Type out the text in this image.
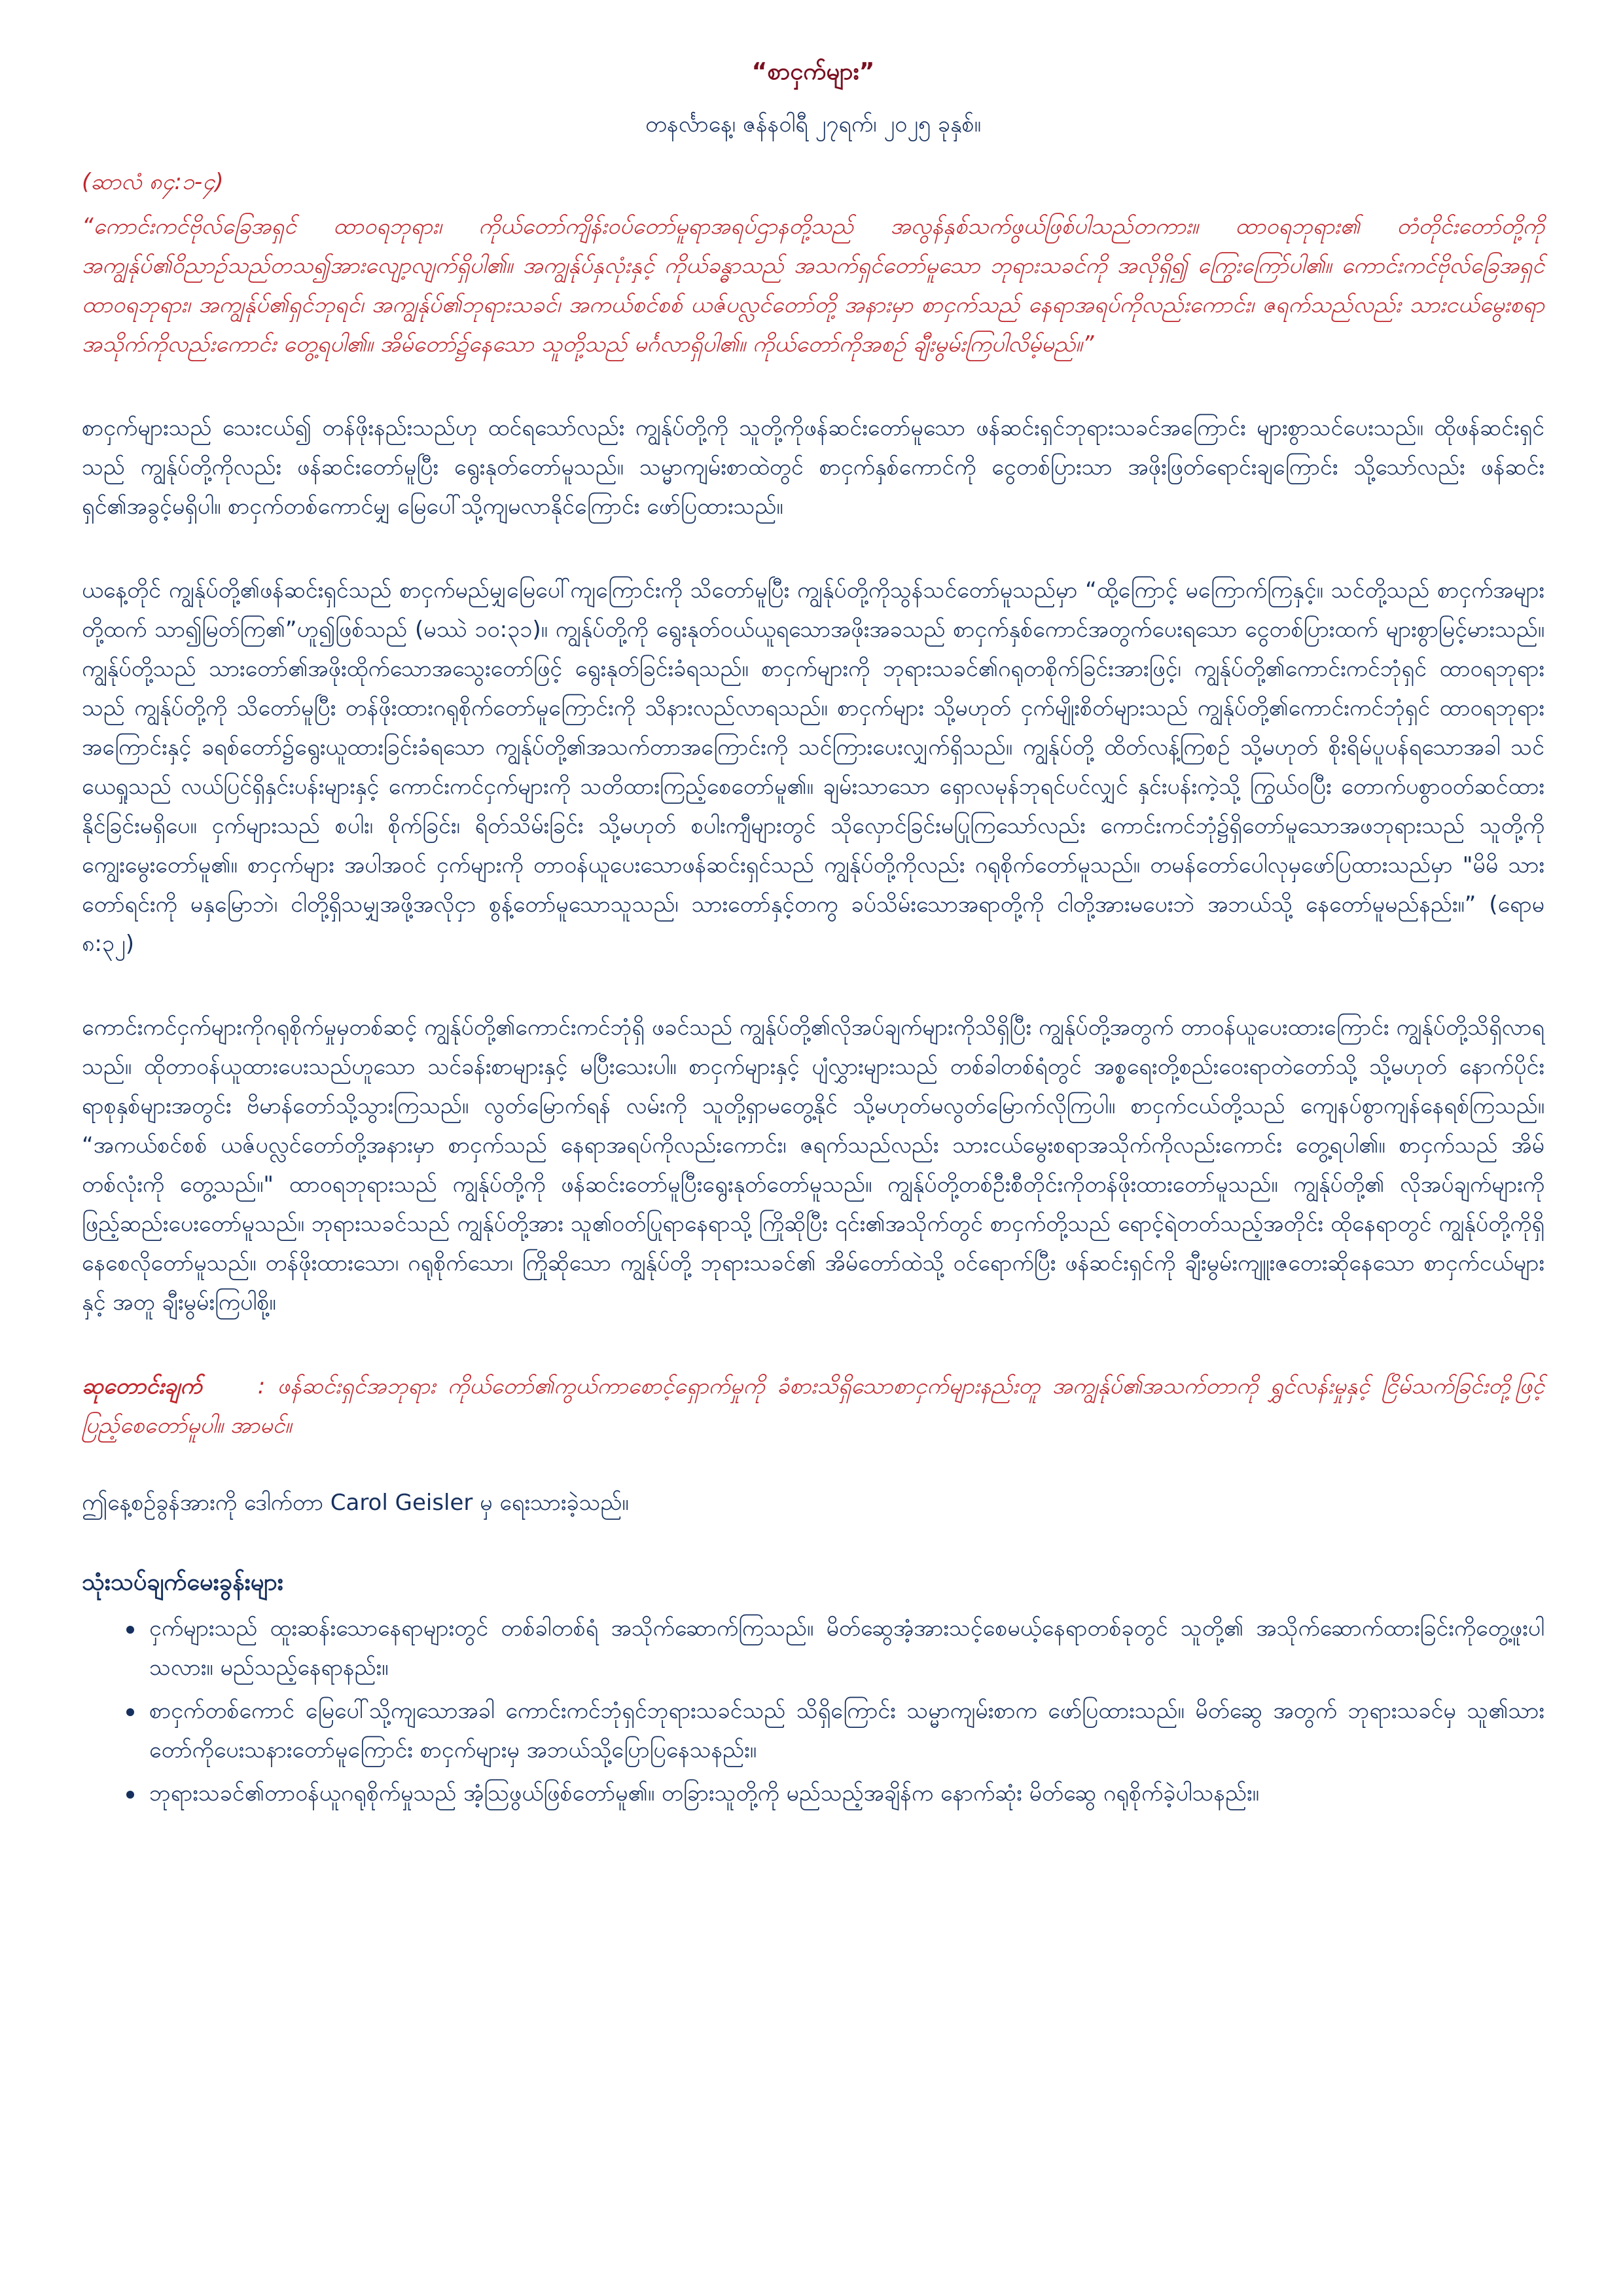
“စာငှက်များ”
တနင်္လာနေ့၊ ဇန်နဝါရီ ၂၇ရက်၊ ၂၀၂၅ ခုနှစ်။
(ဆာလံ ၈၄:၁-၄)
“ကောင်းကင်ဗိုလ်ခြေအရှင် ထာဝရဘုရား၊ ကိုယ်တော်ကျိန်းဝပ်တော်မူရာအရပ်ဌာနတို့သည် အလွန်နှစ်သက်ဖွယ်ဖြစ်ပါသည်တကား။ ထာဝရဘုရား၏ တံတိုင်းတော်တို့ကို အကျွန်ုပ်၏ဝိညာဉ်သည်တသ၍အားလျော့လျက်ရှိပါ၏။ အကျွန်ုပ်နှလုံးနှင့် ကိုယ်ခန္ဓာသည် အသက်ရှင်တော်မူသော ဘုရားသခင်ကို အလိုရှိ၍ ကြွေးကြော်ပါ၏။ ကောင်းကင်ဗိုလ်ခြေအရှင်ထာဝရဘုရား၊ အကျွန်ုပ်၏ရှင်ဘုရင်၊ အကျွန်ုပ်၏ဘုရားသခင်၊ အကယ်စင်စစ် ယဇ်ပလ္လင်တော်တို့ အနားမှာ စာငှက်သည် နေရာအရပ်ကိုလည်းကောင်း၊ ဇရက်သည်လည်း သားငယ်မွေးစရာအသိုက်ကိုလည်းကောင်း တွေ့ရပါ၏။ အိမ်တော်၌နေသော သူတို့သည် မင်္ဂလာရှိပါ၏။ ကိုယ်တော်ကိုအစဉ် ချီးမွမ်းကြပါလိမ့်မည်။”
စာငှက်များသည် သေးငယ်၍ တန်ဖိုးနည်းသည်ဟု ထင်ရသော်လည်း ကျွန်ုပ်တို့ကို သူတို့ကိုဖန်ဆင်းတော်မူသော ဖန်ဆင်းရှင်ဘုရားသခင်အကြောင်း များစွာသင်ပေးသည်။ ထိုဖန်ဆင်းရှင်သည် ကျွန်ုပ်တို့ကိုလည်း ဖန်ဆင်းတော်မူပြီး ရွေးနုတ်တော်မူသည်။ သမ္မာကျမ်းစာထဲတွင် စာငှက်နှစ်ကောင်ကို ငွေတစ်ပြားသာ အဖိုးဖြတ်ရောင်းချကြောင်း သို့သော်လည်း ဖန်ဆင်းရှင်၏အခွင့်မရှိပါ။ စာငှက်တစ်ကောင်မျှ မြေပေါ်သို့ကျမလာနိုင်ကြောင်း ဖော်ပြထားသည်။
ယနေ့တိုင် ကျွန်ုပ်တို့၏ဖန်ဆင်းရှင်သည် စာငှက်မည်မျှမြေပေါ်ကျကြောင်းကို သိတော်မူပြီး ကျွန်ုပ်တို့ကိုသွန်သင်တော်မူသည်မှာ “ထို့ကြောင့် မကြောက်ကြနှင့်။ သင်တို့သည် စာငှက်အများတို့ထက် သာ၍မြတ်ကြ၏”ဟူ၍ဖြစ်သည် (မဿဲ ၁၀:၃၁)။ ကျွန်ုပ်တို့ကို ရွေးနုတ်ဝယ်ယူရသောအဖိုးအခသည် စာငှက်နှစ်ကောင်အတွက်ပေးရသော ငွေတစ်ပြားထက် များစွာမြင့်မားသည်။ ကျွန်ုပ်တို့သည် သားတော်၏အဖိုးထိုက်သောအသွေးတော်ဖြင့် ရွေးနုတ်ခြင်းခံရသည်။ စာငှက်များကို ဘုရားသခင်၏ဂရုတစိုက်ခြင်းအားဖြင့်၊ ကျွန်ုပ်တို့၏ကောင်းကင်ဘုံရှင် ထာဝရဘုရားသည် ကျွန်ုပ်တို့ကို သိတော်မူပြီး တန်ဖိုးထားဂရုစိုက်တော်မူကြောင်းကို သိနားလည်လာရသည်။ စာငှက်များ သို့မဟုတ် ငှက်မျိုးစိတ်များသည် ကျွန်ုပ်တို့၏ကောင်းကင်ဘုံရှင် ထာဝရဘုရားအကြောင်းနှင့် ခရစ်တော်၌ရွေးယူထားခြင်းခံရသော ကျွန်ုပ်တို့၏အသက်တာအကြောင်းကို သင်ကြားပေးလျှက်ရှိသည်။ ကျွန်ုပ်တို့ ထိတ်လန့်ကြစဉ် သို့မဟုတ် စိုးရိမ်ပူပန်ရသောအခါ သင်ယေရှုသည် လယ်ပြင်ရှိနှင်းပန်းများနှင့် ကောင်းကင်ငှက်များကို သတိထားကြည့်စေတော်မူ၏။ ချမ်းသာသော ရှောလမုန်ဘုရင်ပင်လျှင် နှင်းပန်းကဲ့သို့ ကြွယ်ဝပြီး တောက်ပစွာဝတ်ဆင်ထားနိုင်ခြင်းမရှိပေ။ ငှက်များသည် စပါး၊ စိုက်ခြင်း၊ ရိတ်သိမ်းခြင်း သို့မဟုတ် စပါးကျီများတွင် သိုလှောင်ခြင်းမပြုကြသော်လည်း ကောင်းကင်ဘုံ၌ရှိတော်မူသောအဖဘုရားသည် သူတို့ကိုကျွေးမွေးတော်မူ၏။ စာငှက်များ အပါအဝင် ငှက်များကို တာဝန်ယူပေးသောဖန်ဆင်းရှင်သည် ကျွန်ုပ်တို့ကိုလည်း ဂရုစိုက်တော်မူသည်။ တမန်တော်ပေါလုမှဖော်ပြထားသည်မှာ "မိမိ သားတော်ရင်းကို မနှမြောဘဲ၊ ငါတို့ရှိသမျှအဖို့အလိုငှာ စွန့်တော်မူသောသူသည်၊ သားတော်နှင့်တကွ ခပ်သိမ်းသောအရာတို့ကို ငါတို့အားမပေးဘဲ အဘယ်သို့ နေတော်မူမည်နည်း။” (ရောမ ၈:၃၂)
ကောင်းကင်ငှက်များကိုဂရုစိုက်မှုမှတစ်ဆင့် ကျွန်ုပ်တို့၏ကောင်းကင်ဘုံရှိ ဖခင်သည် ကျွန်ုပ်တို့၏လိုအပ်ချက်များကိုသိရှိပြီး ကျွန်ုပ်တို့အတွက် တာဝန်ယူပေးထားကြောင်း ကျွန်ုပ်တို့သိရှိလာရသည်။ ထိုတာဝန်ယူထားပေးသည်ဟူသော သင်ခန်းစာများနှင့် မပြီးသေးပါ။ စာငှက်များနှင့် ပျံလွှားများသည် တစ်ခါတစ်ရံတွင် အစ္စရေးတို့စည်းဝေးရာတဲတော်သို့ သို့မဟုတ် နောက်ပိုင်းရာစုနှစ်များအတွင်း ဗိမာန်တော်သို့သွားကြသည်။ လွတ်မြောက်ရန် လမ်းကို သူတို့ရှာမတွေ့နိုင် သို့မဟုတ်မလွတ်မြောက်လိုကြပါ။ စာငှက်ငယ်တို့သည် ကျေနပ်စွာကျန်နေရစ်ကြသည်။ “အကယ်စင်စစ် ယဇ်ပလ္လင်တော်တို့အနားမှာ စာငှက်သည် နေရာအရပ်ကိုလည်းကောင်း၊ ဇရက်သည်လည်း သားငယ်မွေးစရာအသိုက်ကိုလည်းကောင်း တွေ့ရပါ၏။ စာငှက်သည် အိမ်တစ်လုံးကို တွေ့သည်။" ထာဝရဘုရားသည် ကျွန်ုပ်တို့ကို ဖန်ဆင်းတော်မူပြီးရွေးနုတ်တော်မူသည်။ ကျွန်ုပ်တို့တစ်ဦးစီတိုင်းကိုတန်ဖိုးထားတော်မူသည်။ ကျွန်ုပ်တို့၏ လိုအပ်ချက်များကို ဖြည့်ဆည်းပေးတော်မူသည်။ ဘုရားသခင်သည် ကျွန်ုပ်တို့အား သူ၏ဝတ်ပြုရာနေရာသို့ ကြိုဆိုပြီး ၎င်း၏အသိုက်တွင် စာငှက်တို့သည် ရောင့်ရဲတတ်သည့်အတိုင်း ထိုနေရာတွင် ကျွန်ုပ်တို့ကိုရှိနေစေလိုတော်မူသည်။ တန်ဖိုးထားသော၊ ဂရုစိုက်သော၊ ကြိုဆိုသော ကျွန်ုပ်တို့ ဘုရားသခင်၏ အိမ်တော်ထဲသို့ ဝင်ရောက်ပြီး ဖန်ဆင်းရှင်ကို ချီးမွမ်းကျူးဇတေးဆိုနေသော စာငှက်ငယ်များနှင့် အတူ ချီးမွမ်းကြပါစို့။
ဆုတောင်းချက်	: ဖန်ဆင်းရှင်အဘုရား ကိုယ်တော်၏ကွယ်ကာစောင့်ရှောက်မှုကို ခံစားသိရှိသောစာငှက်များနည်းတူ အကျွန်ုပ်၏အသက်တာကို ရွှင်လန်းမှုနှင့် ငြိမ်သက်ခြင်းတို့ဖြင့် ပြည့်စေတော်မူပါ။ အာမင်။
ဤနေ့စဉ်ခွန်အားကို ဒေါက်တာ Carol Geisler မှ ရေးသားခဲ့သည်။
သုံးသပ်ချက်မေးခွန်းများ
ငှက်များသည် ထူးဆန်းသောနေရာများတွင် တစ်ခါတစ်ရံ အသိုက်ဆောက်ကြသည်။ မိတ်ဆွေအံ့အားသင့်စေမယ့်နေရာတစ်ခုတွင် သူတို့၏ အသိုက်ဆောက်ထားခြင်းကိုတွေ့ဖူးပါသလား။ မည်သည့်နေရာနည်း။
စာငှက်တစ်ကောင် မြေပေါ်သို့ကျသောအခါ ကောင်းကင်ဘုံရှင်ဘုရားသခင်သည် သိရှိကြောင်း သမ္မာကျမ်းစာက ဖော်ပြထားသည်။ မိတ်ဆွေ အတွက် ဘုရားသခင်မှ သူ၏သားတော်ကိုပေးသနားတော်မူကြောင်း စာငှက်များမှ အဘယ်သို့ပြောပြနေသနည်း။
ဘုရားသခင်၏တာဝန်ယူဂရုစိုက်မှုသည် အံ့သြဖွယ်ဖြစ်တော်မူ၏။ တခြားသူတို့ကို မည်သည့်အချိန်က နောက်ဆုံး မိတ်ဆွေ ဂရုစိုက်ခဲ့ပါသနည်း။
